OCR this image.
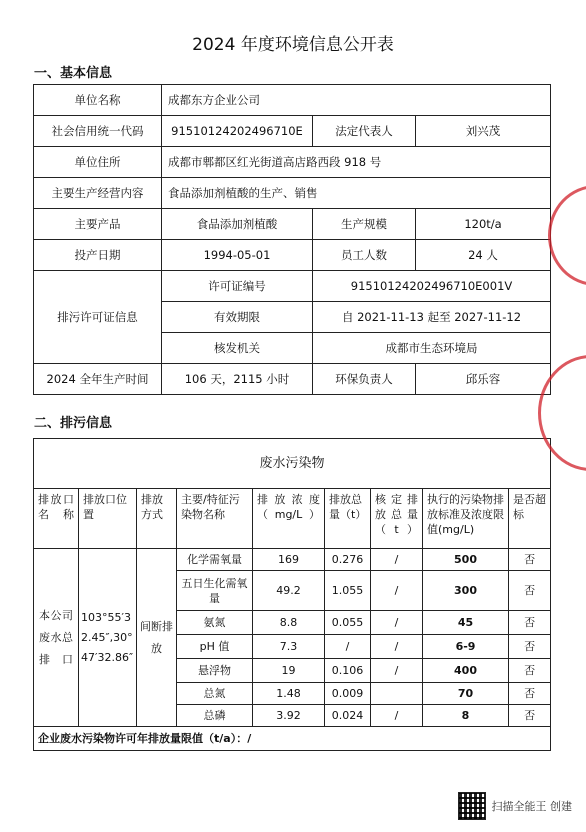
2024 年度环境信息公开表
一、基本信息
单位名称	成都东方企业公司		
社会信用统一代码	91510124202496710E	法定代表人	刘兴茂
单位住所	成都市郫都区红光街道高店路西段 918 号		
主要生产经营内容	食品添加剂植酸的生产、销售		
主要产品	食品添加剂植酸	生产规模	120t/a
投产日期	1994-05-01	员工人数	24 人
排污许可证信息	许可证编号	91510124202496710E001V	
	有效期限	自 2021-11-13 起至 2027-11-12	
	核发机关	成都市生态环境局	
2024 全年生产时间	106 天，2115 小时	环保负责人	邱乐容
二、排污信息
废水污染物								
排放口名称	排放口位置	排放方式	主要/特征污染物名称	排放浓度（mg/L）	排放总量（t）	核定排放总量（t）	执行的污染物排放标准及浓度限值(mg/L)	是否超标
本公司废水总排口	103°55′32.45″,30°47′32.86″	间断排放	化学需氧量	169	0.276	/	500	否
			五日生化需氧量	49.2	1.055	/	300	否
			氨氮	8.8	0.055	/	45	否
			pH 值	7.3	/	/	6-9	否
			悬浮物	19	0.106	/	400	否
			总氮	1.48	0.009		70	否
			总磷	3.92	0.024	/	8	否
企业废水污染物许可年排放量限值（t/a）：/								
扫描全能王 创建
